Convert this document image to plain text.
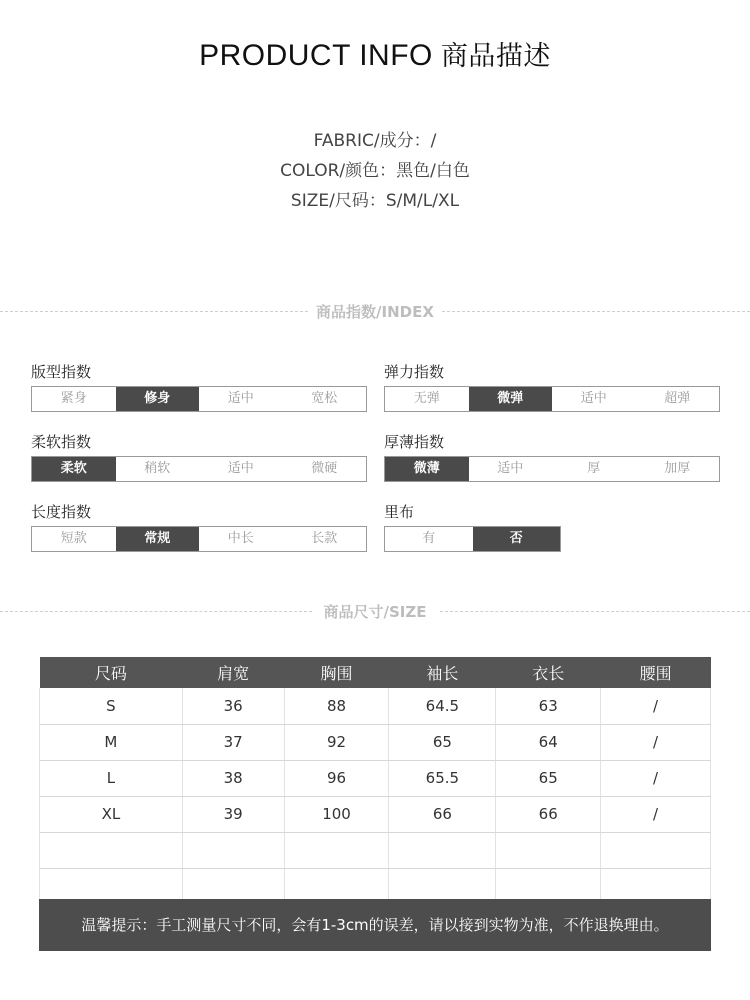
PRODUCT INFO 商品描述
FABRIC/成分：/
COLOR/颜色：黑色/白色
SIZE/尺码：S/M/L/XL
商品指数/INDEX
版型指数
紧身	修身	适中	宽松
弹力指数
无弹	微弹	适中	超弹
柔软指数
柔软	稍软	适中	微硬
厚薄指数
微薄	适中	厚	加厚
长度指数
短款	常规	中长	长款
里布
有	否
商品尺寸/SIZE
尺码	肩宽	胸围	袖长	衣长	腰围
S	36	88	64.5	63	/
M	37	92	65	64	/
L	38	96	65.5	65	/
XL	39	100	66	66	/

温馨提示：手工测量尺寸不同，会有1-3cm的误差，请以接到实物为准，不作退换理由。
